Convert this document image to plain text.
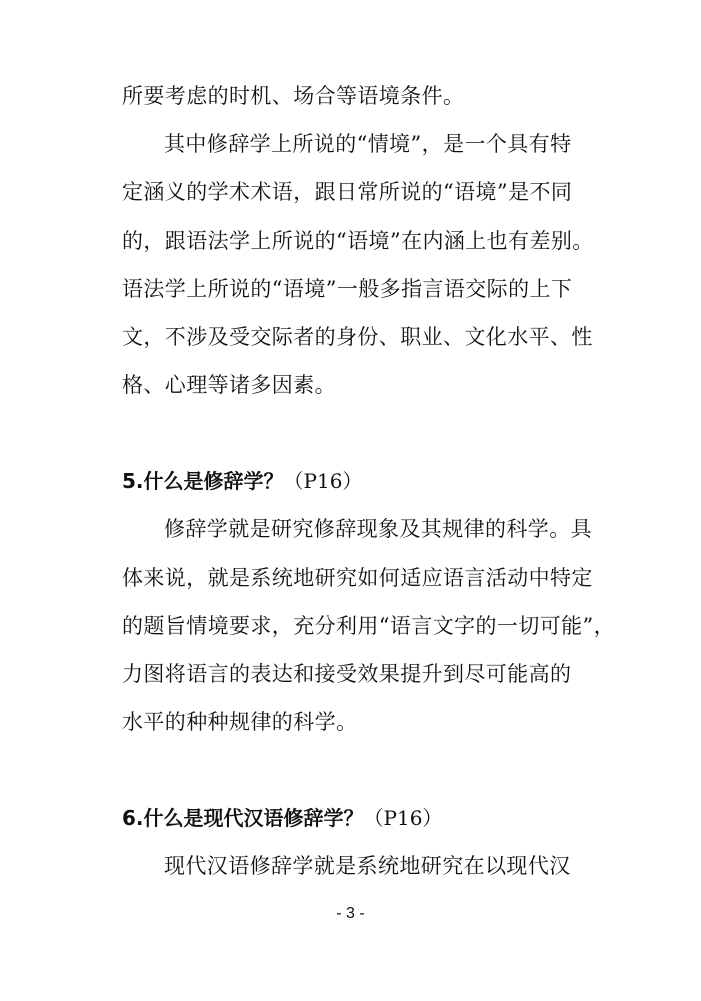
所要考虑的时机、场合等语境条件。
其中修辞学上所说的“情境”，是一个具有特
定涵义的学术术语，跟日常所说的“语境”是不同
的，跟语法学上所说的“语境”在内涵上也有差别。
语法学上所说的“语境”一般多指言语交际的上下
文，不涉及受交际者的身份、职业、文化水平、性
格、心理等诸多因素。
5.什么是修辞学？（P16）
修辞学就是研究修辞现象及其规律的科学。具
体来说，就是系统地研究如何适应语言活动中特定
的题旨情境要求，充分利用“语言文字的一切可能”，
力图将语言的表达和接受效果提升到尽可能高的
水平的种种规律的科学。
6.什么是现代汉语修辞学？（P16）
现代汉语修辞学就是系统地研究在以现代汉
- 3 -
